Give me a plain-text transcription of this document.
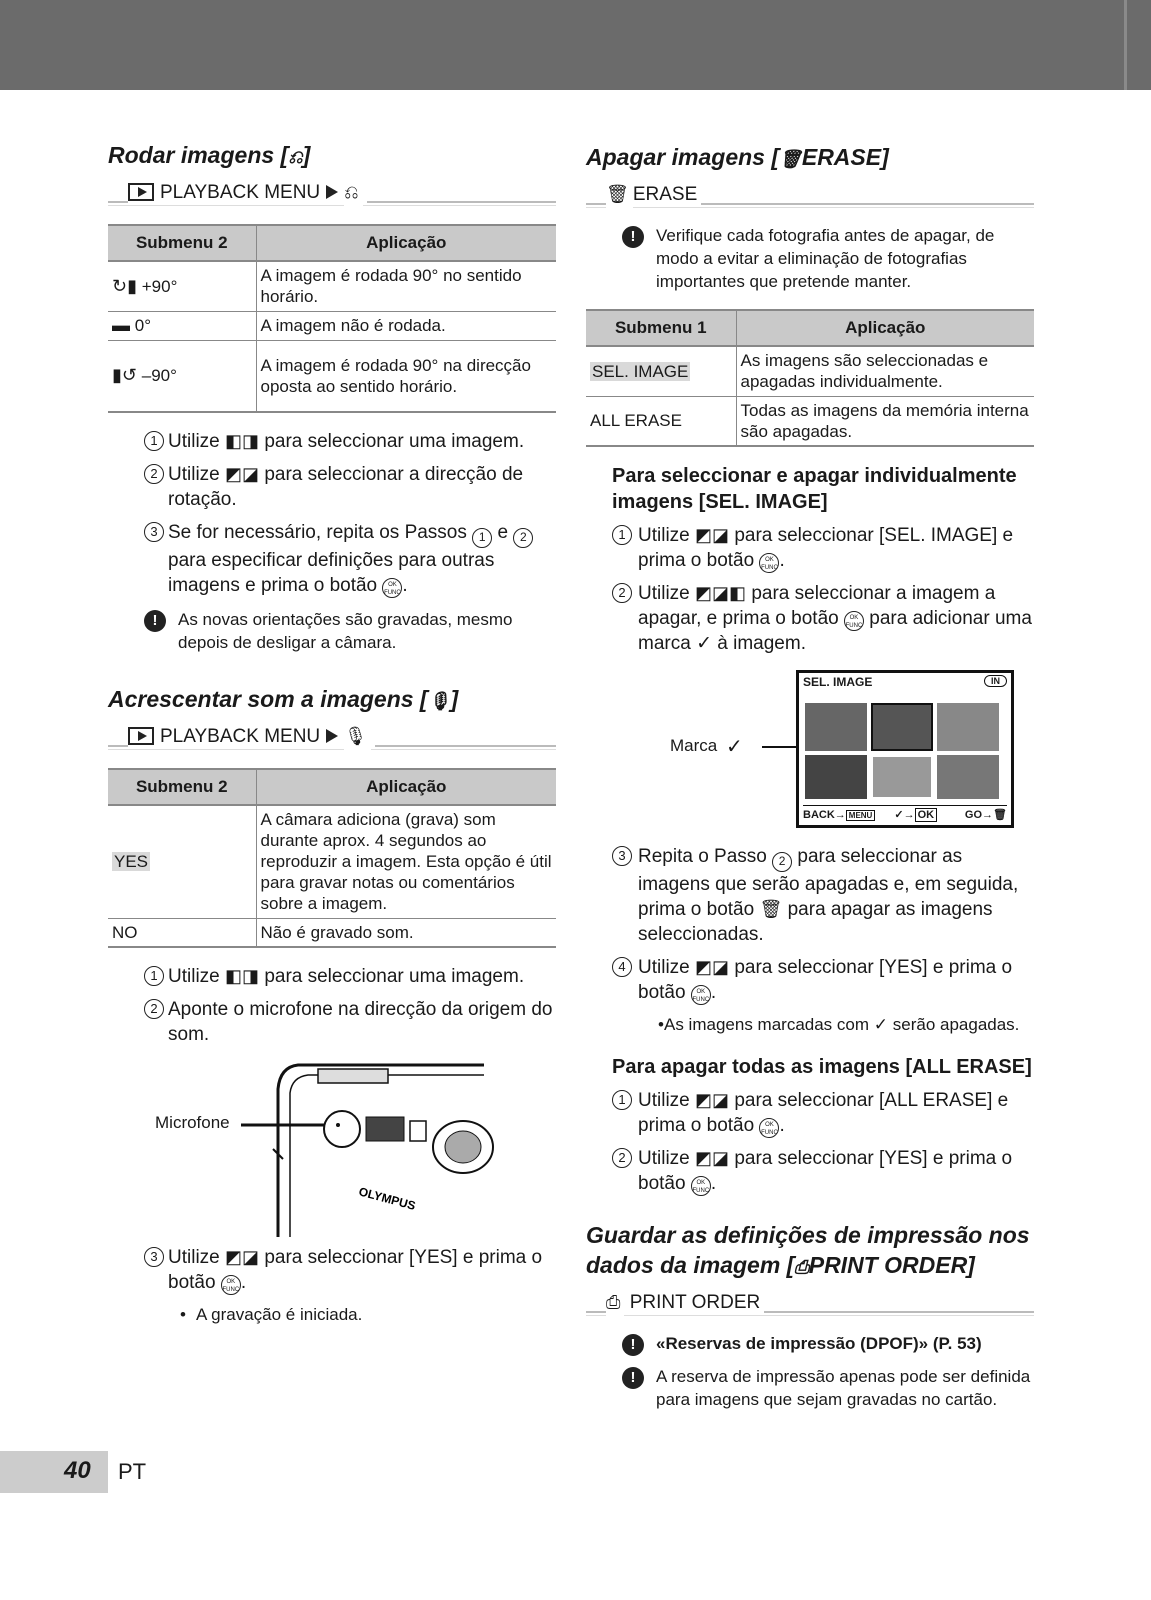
Rodar imagens [⎌]
PLAYBACK MENU ⎌
Submenu 2	Aplicação
↻▮ +90°	A imagem é rodada 90° no sentido horário.
▬ 0°	A imagem não é rodada.
▮↺ –90°	A imagem é rodada 90° na direcção oposta ao sentido horário.
1 Utilize ◧◨ para seleccionar uma imagem.
2 Utilize ◩◪ para seleccionar a direcção de rotação.
3 Se for necessário, repita os Passos 1 e 2 para especificar definições para outras imagens e prima o botão OK
FUNC.
!	As novas orientações são gravadas, mesmo depois de desligar a câmara.
Acrescentar som a imagens [🎙]
PLAYBACK MENU 🎙
Submenu 2	Aplicação
YES	A câmara adiciona (grava) som durante aprox. 4 segundos ao reproduzir a imagem. Esta opção é útil para gravar notas ou comentários sobre a imagem.
NO	Não é gravado som.
1 Utilize ◧◨ para seleccionar uma imagem.
2 Aponte o microfone na direcção da origem do som.
Microfone
OLYMPUS
3 Utilize ◩◪ para seleccionar [YES] e prima o botão OK
FUNC.
• A gravação é iniciada.
Apagar imagens [🗑ERASE]
🗑 ERASE
!	Verifique cada fotografia antes de apagar, de modo a evitar a eliminação de fotografias importantes que pretende manter.
Submenu 1	Aplicação
SEL. IMAGE	As imagens são seleccionadas e apagadas individualmente.
ALL ERASE	Todas as imagens da memória interna são apagadas.
Para seleccionar e apagar individualmente imagens [SEL. IMAGE]
1 Utilize ◩◪ para seleccionar [SEL. IMAGE] e prima o botão OK
FUNC.
2 Utilize ◩◪◧ para seleccionar a imagem a apagar, e prima o botão OK
FUNC para adicionar uma marca ✓ à imagem.
Marca ✓
SEL. IMAGE	IN
BACK→ MENU ✓→ OK	GO→🗑
3 Repita o Passo 2 para seleccionar as imagens que serão apagadas e, em seguida, prima o botão 🗑 para apagar as imagens seleccionadas.
4 Utilize ◩◪ para seleccionar [YES] e prima o botão OK
FUNC.
• As imagens marcadas com ✓ serão apagadas.
Para apagar todas as imagens [ALL ERASE]
1 Utilize ◩◪ para seleccionar [ALL ERASE] e prima o botão OK
FUNC.
2 Utilize ◩◪ para seleccionar [YES] e prima o botão OK
FUNC.
Guardar as definições de impressão nos dados da imagem [⎙PRINT ORDER]
⎙ PRINT ORDER
!	«Reservas de impressão (DPOF)» (P. 53)
!	A reserva de impressão apenas pode ser definida para imagens que sejam gravadas no cartão.
40 PT
